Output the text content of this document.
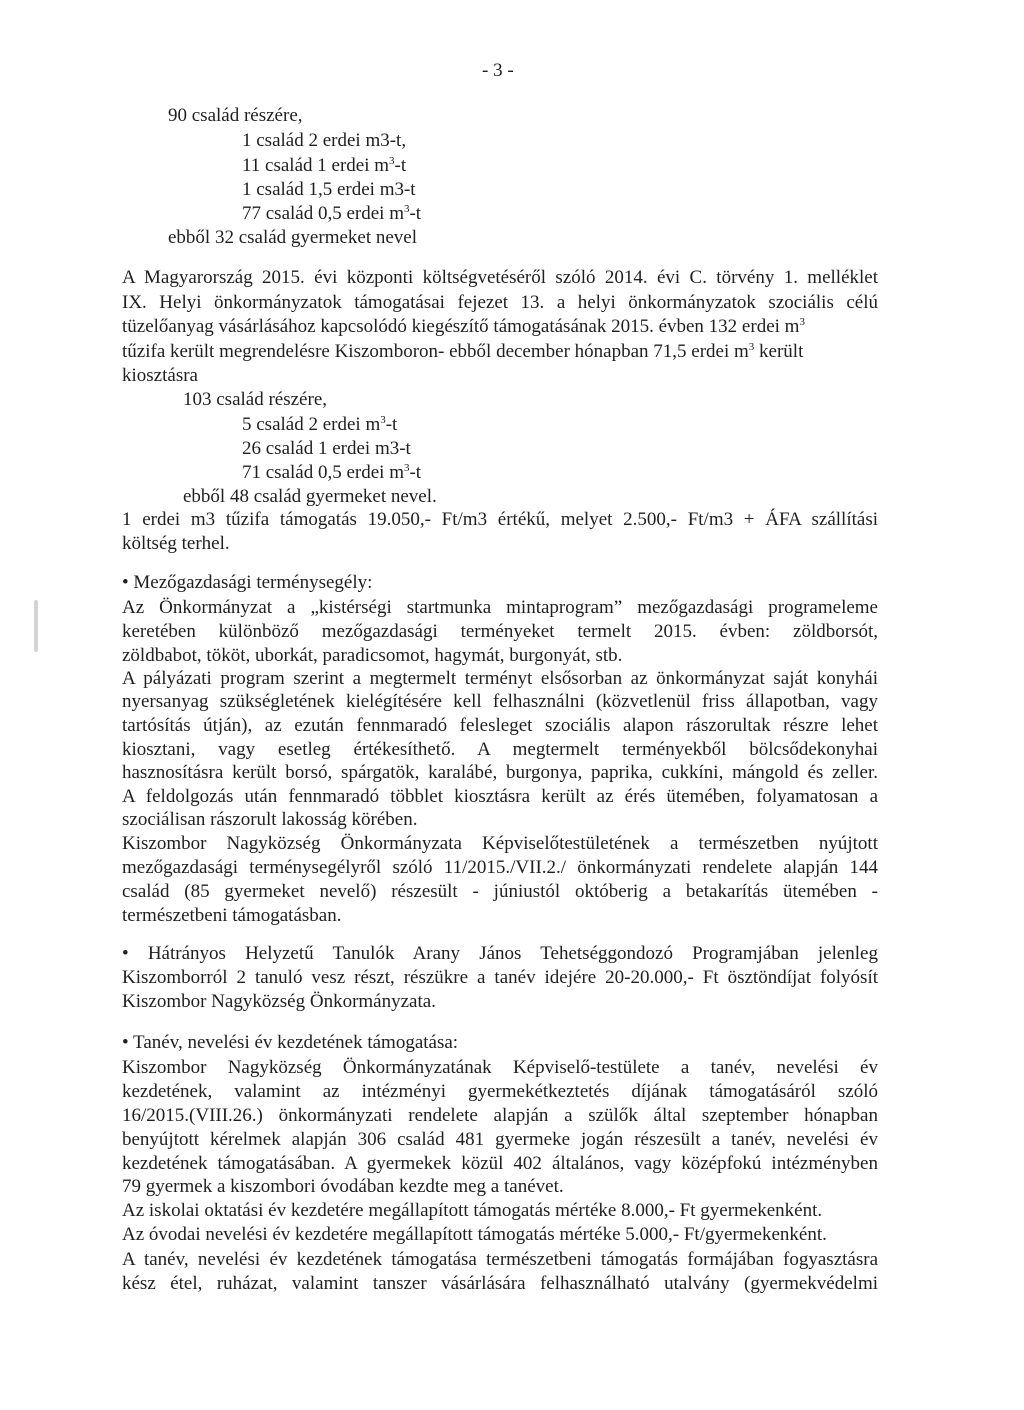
- 3 -
90 család részére,
1 család 2 erdei m3-t,
11 család 1 erdei $m^3-t$
1 család 1,5 erdei m3-t
77 család 0,5 erdei $m^3-t$
ebből 32 család gyermeket nevel
A Magyarország 2015. évi központi költségvetéséről szóló 2014. évi C. törvény 1. melléklet
IX. Helyi önkormányzatok támogatásai fejezet 13. a helyi önkormányzatok szociális célú
tüzelőanyag vásárlásához kapcsolódó kiegészítő támogatásának 2015. évben 132 erdei $m^3$
tűzifa került megrendelésre Kiszomboron- ebből december hónapban 71,5 erdei $m^3$ került
kiosztásra
103 család részére,
5 család 2 erdei $m^3-t$
26 család 1 erdei m3-t
71 család 0,5 erdei $m^3-t$
ebből 48 család gyermeket nevel.
1 erdei m3 tűzifa támogatás 19.050,- Ft/m3 értékű, melyet 2.500,- Ft/m3 + ÁFA szállítási
költség terhel.
• Mezőgazdasági terménysegély:
Az Önkormányzat a „kistérségi startmunka mintaprogram” mezőgazdasági programeleme
keretében különböző mezőgazdasági terményeket termelt 2015. évben: zöldborsót,
zöldbabot, tököt, uborkát, paradicsomot, hagymát, burgonyát, stb.
A pályázati program szerint a megtermelt terményt elsősorban az önkormányzat saját konyhái
nyersanyag szükségletének kielégítésére kell felhasználni (közvetlenül friss állapotban, vagy
tartósítás útján), az ezután fennmaradó felesleget szociális alapon rászorultak részre lehet
kiosztani, vagy esetleg értékesíthető. A megtermelt terményekből bölcsődekonyhai
hasznosításra került borsó, spárgatök, karalábé, burgonya, paprika, cukkíni, mángold és zeller.
A feldolgozás után fennmaradó többlet kiosztásra került az érés ütemében, folyamatosan a
szociálisan rászorult lakosság körében.
Kiszombor Nagyközség Önkormányzata Képviselőtestületének a természetben nyújtott
mezőgazdasági terménysegélyről szóló 11/2015./VII.2./ önkormányzati rendelete alapján 144
család (85 gyermeket nevelő) részesült - júniustól októberig a betakarítás ütemében -
természetbeni támogatásban.
• Hátrányos Helyzetű Tanulók Arany János Tehetséggondozó Programjában jelenleg
Kiszomborról 2 tanuló vesz részt, részükre a tanév idejére 20-20.000,- Ft ösztöndíjat folyósít
Kiszombor Nagyközség Önkormányzata.
• Tanév, nevelési év kezdetének támogatása:
Kiszombor Nagyközség Önkormányzatának Képviselő-testülete a tanév, nevelési év
kezdetének, valamint az intézményi gyermekétkeztetés díjának támogatásáról szóló
16/2015.(VIII.26.) önkormányzati rendelete alapján a szülők által szeptember hónapban
benyújtott kérelmek alapján 306 család 481 gyermeke jogán részesült a tanév, nevelési év
kezdetének támogatásában. A gyermekek közül 402 általános, vagy középfokú intézményben
79 gyermek a kiszombori óvodában kezdte meg a tanévet.
Az iskolai oktatási év kezdetére megállapított támogatás mértéke 8.000,- Ft gyermekenként.
Az óvodai nevelési év kezdetére megállapított támogatás mértéke 5.000,- Ft/gyermekenként.
A tanév, nevelési év kezdetének támogatása természetbeni támogatás formájában fogyasztásra
kész étel, ruházat, valamint tanszer vásárlására felhasználható utalvány (gyermekvédelmi
